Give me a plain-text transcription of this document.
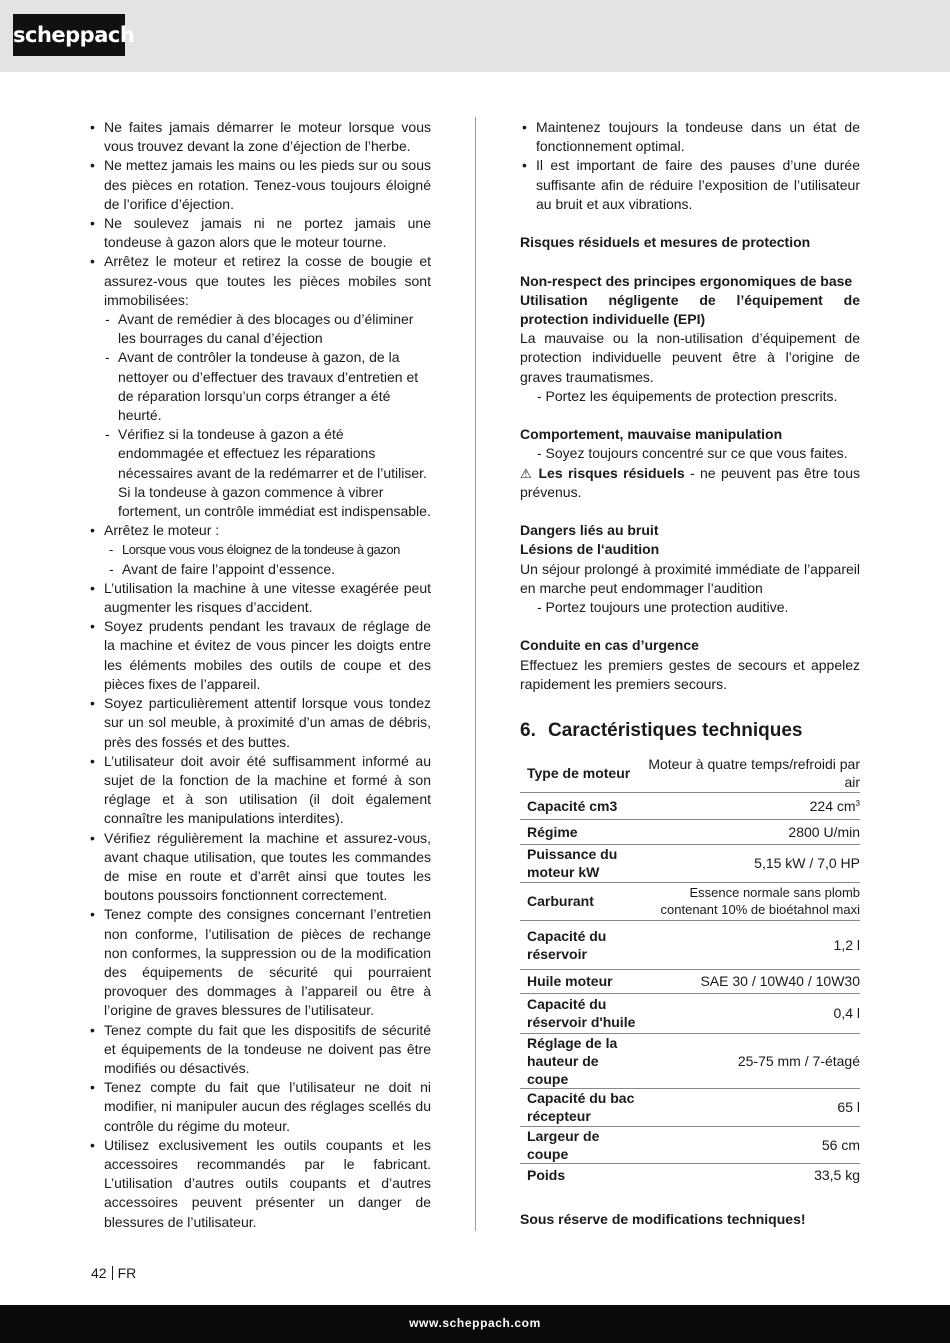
scheppach
• Ne faites jamais démarrer le moteur lorsque vous vous trouvez devant la zone d’éjection de l’herbe.
• Ne mettez jamais les mains ou les pieds sur ou sous des pièces en rotation. Tenez-vous toujours éloigné de l’orifice d’éjection.
• Ne soulevez jamais ni ne portez jamais une tondeuse à gazon alors que le moteur tourne.
• Arrêtez le moteur et retirez la cosse de bougie et assurez-vous que toutes les pièces mobiles sont immobilisées:
- Avant de remédier à des blocages ou d’éliminer les bourrages du canal d’éjection
- Avant de contrôler la tondeuse à gazon, de la nettoyer ou d’effectuer des travaux d’entretien et de réparation lorsqu’un corps étranger a été heurté.
- Vérifiez si la tondeuse à gazon a été endommagée et effectuez les réparations nécessaires avant de la redémarrer et de l’utiliser. Si la tondeuse à gazon commence à vibrer fortement, un contrôle immédiat est indispensable.
• Arrêtez le moteur :
- Lorsque vous vous éloignez de la tondeuse à gazon
- Avant de faire l’appoint d’essence.
• L’utilisation la machine à une vitesse exagérée peut augmenter les risques d’accident.
• Soyez prudents pendant les travaux de réglage de la machine et évitez de vous pincer les doigts entre les éléments mobiles des outils de coupe et des pièces fixes de l’appareil.
• Soyez particulièrement attentif lorsque vous tondez sur un sol meuble, à proximité d’un amas de débris, près des fossés et des buttes.
• L’utilisateur doit avoir été suffisamment informé au sujet de la fonction de la machine et formé à son réglage et à son utilisation (il doit également connaître les manipulations interdites).
• Vérifiez régulièrement la machine et assurez-vous, avant chaque utilisation, que toutes les commandes de mise en route et d’arrêt ainsi que toutes les boutons poussoirs fonctionnent correctement.
• Tenez compte des consignes concernant l’entretien non conforme, l’utilisation de pièces de rechange non conformes, la suppression ou de la modification des équipements de sécurité qui pourraient provoquer des dommages à l’appareil ou être à l’origine de graves blessures de l’utilisateur.
• Tenez compte du fait que les dispositifs de sécurité et équipements de la tondeuse ne doivent pas être modifiés ou désactivés.
• Tenez compte du fait que l’utilisateur ne doit ni modifier, ni manipuler aucun des réglages scellés du contrôle du régime du moteur.
• Utilisez exclusivement les outils coupants et les accessoires recommandés par le fabricant. L’utilisation d’autres outils coupants et d’autres accessoires peuvent présenter un danger de blessures de l’utilisateur.
• Maintenez toujours la tondeuse dans un état de fonctionnement optimal.
• Il est important de faire des pauses d’une durée suffisante afin de réduire l’exposition de l’utilisateur au bruit et aux vibrations.
Risques résiduels et mesures de protection
Non-respect des principes ergonomiques de base
Utilisation négligente de l’équipement de protection individuelle (EPI)
La mauvaise ou la non-utilisation d’équipement de protection individuelle peuvent être à l’origine de graves traumatismes.
- Portez les équipements de protection prescrits.
Comportement, mauvaise manipulation
- Soyez toujours concentré sur ce que vous faites.
⚠ Les risques résiduels - ne peuvent pas être tous prévenus.
Dangers liés au bruit
Lésions de l‘audition
Un séjour prolongé à proximité immédiate de l’appareil en marche peut endommager l’audition
- Portez toujours une protection auditive.
Conduite en cas d’urgence
Effectuez les premiers gestes de secours et appelez rapidement les premiers secours.
6. Caractéristiques techniques
Type de moteur	Moteur à quatre temps/refroidi par air
Capacité cm3	224 $cm^3$
Régime	2800 U/min
Puissance du moteur kW	5,15 kW / 7,0 HP
Carburant	Essence normale sans plomb contenant 10% de bioétahnol maxi
Capacité du réservoir	1,2 l
Huile moteur	SAE 30 / 10W40 / 10W30
Capacité du réservoir d'huile	0,4 l
Réglage de la hauteur de coupe	25-75 mm / 7-étagé
Capacité du bac récepteur	65 l
Largeur de coupe	56 cm
Poids	33,5 kg
Sous réserve de modifications techniques!
42 FR
www.scheppach.com
